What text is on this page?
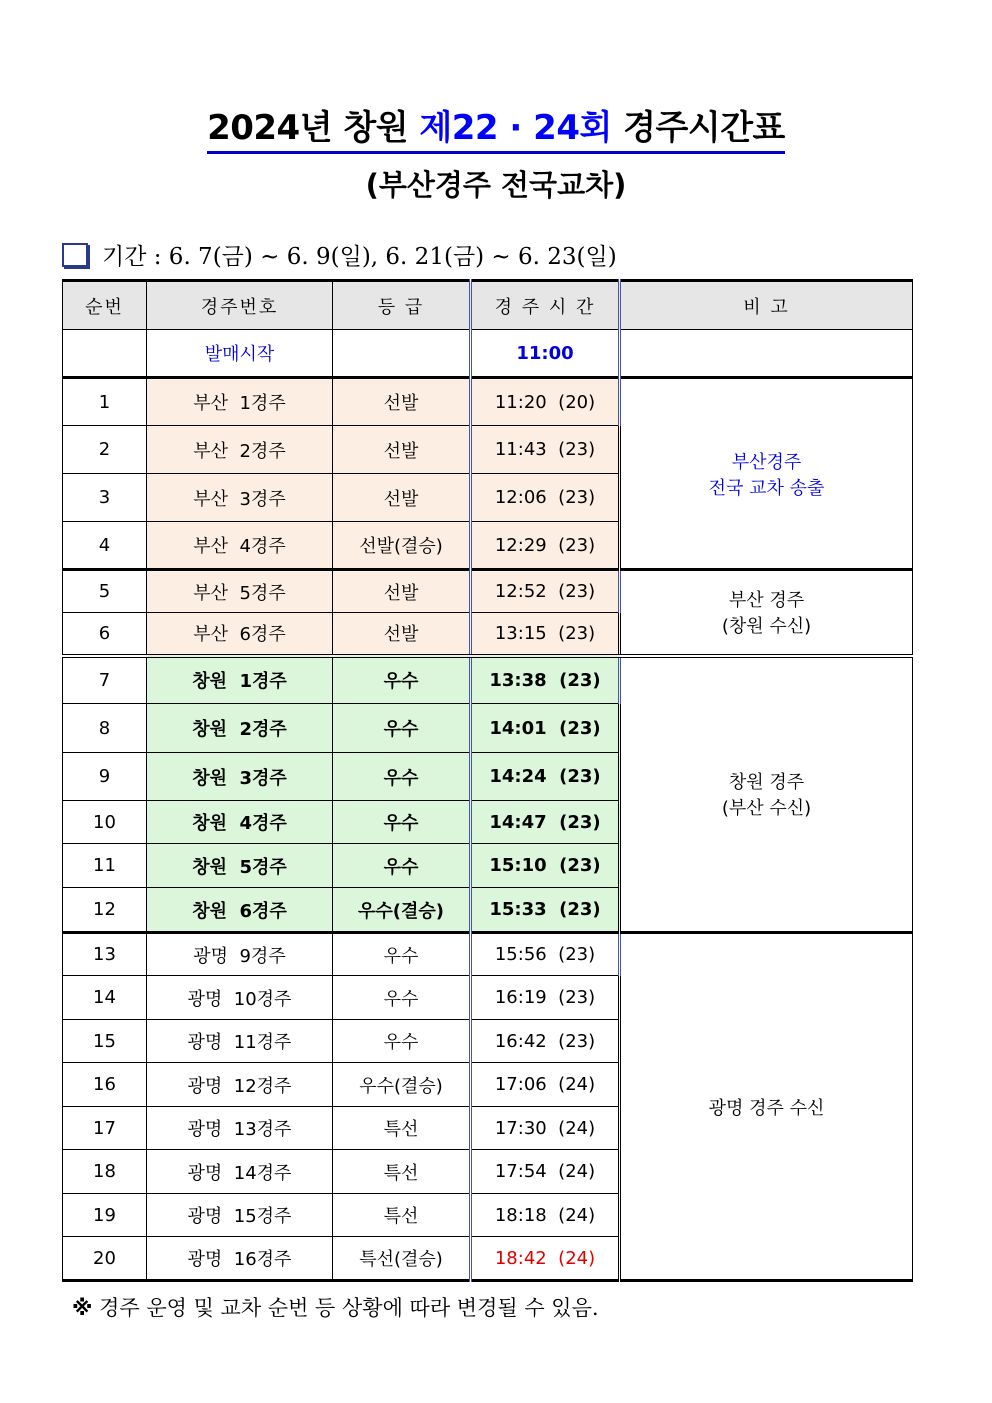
2024년 창원 제22 · 24회 경주시간표
(부산경주 전국교차)
기간 : 6. 7(금) ~ 6. 9(일), 6. 21(금) ~ 6. 23(일)
순번	경주번호	등 급	경 주 시 간	비 고
	발매시작		11:00	
1	부산  1경주	선발	11:20  (20)	부산경주
전국 교차 송출

2	부산  2경주	선발	11:43  (23)	
3	부산  3경주	선발	12:06  (23)	
4	부산  4경주	선발(결승)	12:29  (23)	
5	부산  5경주	선발	12:52  (23)	부산 경주
(창원 수신)

6	부산  6경주	선발	13:15  (23)	
7	창원  1경주	우수	13:38  (23)	창원 경주
(부산 수신)

8	창원  2경주	우수	14:01  (23)	
9	창원  3경주	우수	14:24  (23)	
10	창원  4경주	우수	14:47  (23)	
11	창원  5경주	우수	15:10  (23)	
12	창원  6경주	우수(결승)	15:33  (23)	
13	광명  9경주	우수	15:56  (23)	광명 경주 수신
14	광명  10경주	우수	16:19  (23)	
15	광명  11경주	우수	16:42  (23)	
16	광명  12경주	우수(결승)	17:06  (24)	
17	광명  13경주	특선	17:30  (24)	
18	광명  14경주	특선	17:54  (24)	
19	광명  15경주	특선	18:18  (24)	
20	광명  16경주	특선(결승)	18:42  (24)	
※ 경주 운영 및 교차 순번 등 상황에 따라 변경될 수 있음.
